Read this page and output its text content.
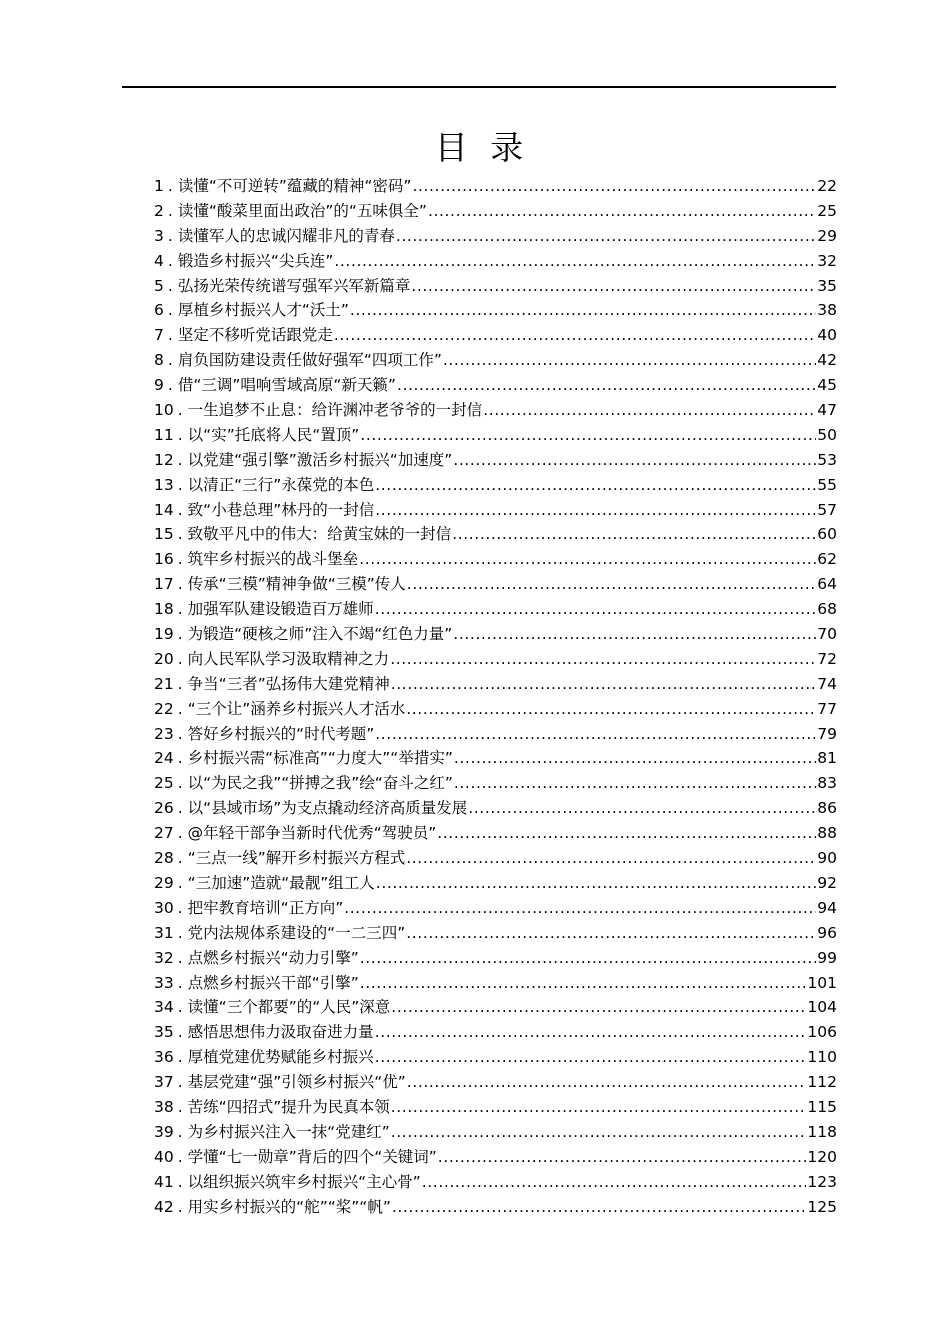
目 录
1 . 读懂“不可逆转”蕴藏的精神“密码” .....	22
2 . 读懂“酸菜里面出政治”的“五味俱全” .....	25
3 . 读懂军人的忠诚闪耀非凡的青春 .....	29
4 . 锻造乡村振兴“尖兵连” .....	32
5 . 弘扬光荣传统谱写强军兴军新篇章 .....	35
6 . 厚植乡村振兴人才“沃土” .....	38
7 . 坚定不移听党话跟党走 .....	40
8 . 肩负国防建设责任做好强军“四项工作” .....	42
9 . 借“三调”唱响雪域高原“新天籁” .....	45
10 . 一生追梦不止息：给许渊冲老爷爷的一封信 .....	47
11 . 以“实”托底将人民“置顶” .....	50
12 . 以党建“强引擎”激活乡村振兴“加速度” .....	53
13 . 以清正“三行”永葆党的本色 .....	55
14 . 致“小巷总理”林丹的一封信 .....	57
15 . 致敬平凡中的伟大：给黄宝妹的一封信 .....	60
16 . 筑牢乡村振兴的战斗堡垒 .....	62
17 . 传承“三模”精神争做“三模”传人 .....	64
18 . 加强军队建设锻造百万雄师 .....	68
19 . 为锻造“硬核之师”注入不竭“红色力量” .....	70
20 . 向人民军队学习汲取精神之力 .....	72
21 . 争当“三者”弘扬伟大建党精神 .....	74
22 . “三个让”涵养乡村振兴人才活水 .....	77
23 . 答好乡村振兴的“时代考题” .....	79
24 . 乡村振兴需“标准高”“力度大”“举措实” .....	81
25 . 以“为民之我”“拼搏之我”绘“奋斗之红” .....	83
26 . 以“县域市场”为支点撬动经济高质量发展 .....	86
27 . @年轻干部争当新时代优秀“驾驶员” .....	88
28 . “三点一线”解开乡村振兴方程式 .....	90
29 . “三加速”造就“最靓”组工人 .....	92
30 . 把牢教育培训“正方向” .....	94
31 . 党内法规体系建设的“一二三四” .....	96
32 . 点燃乡村振兴“动力引擎” .....	99
33 . 点燃乡村振兴干部“引擎” .....	101
34 . 读懂“三个都要”的“人民”深意 .....	104
35 . 感悟思想伟力汲取奋进力量 .....	106
36 . 厚植党建优势赋能乡村振兴 .....	110
37 . 基层党建“强”引领乡村振兴“优” .....	112
38 . 苦练“四招式”提升为民真本领 .....	115
39 . 为乡村振兴注入一抹“党建红” .....	118
40 . 学懂“七一勋章”背后的四个“关键词” .....	120
41 . 以组织振兴筑牢乡村振兴“主心骨” .....	123
42 . 用实乡村振兴的“舵”“桨”“帆” .....	125
